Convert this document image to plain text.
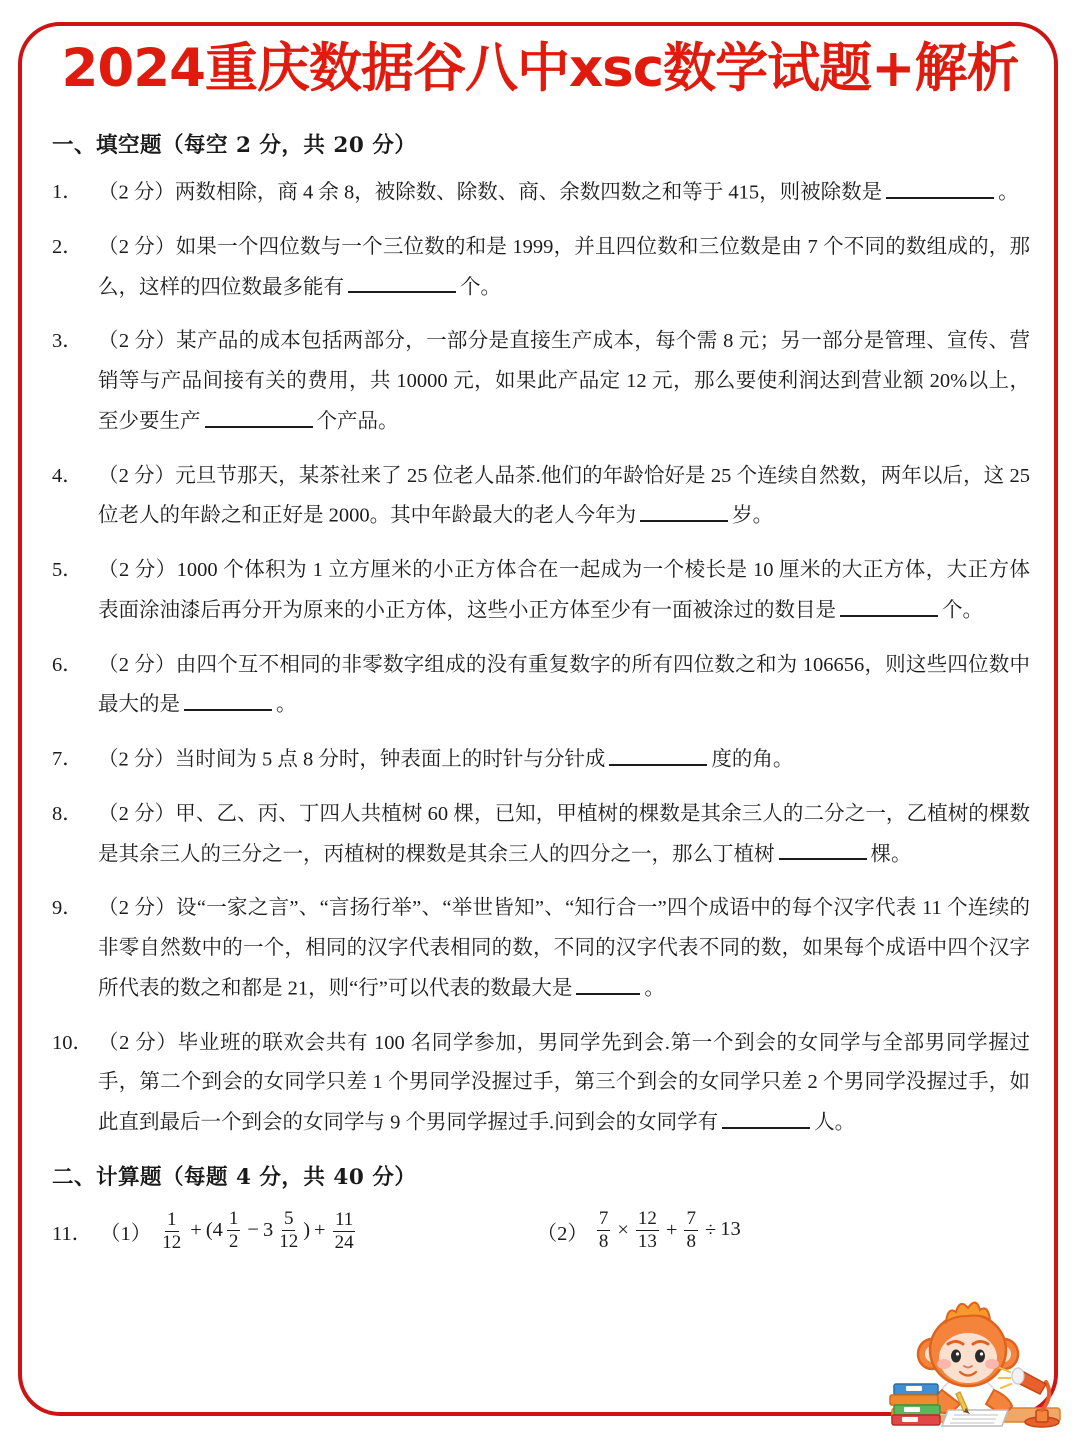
2024重庆数据谷八中xsc数学试题+解析
一、填空题（每空 2 分，共 20 分）
1． （2 分）两数相除，商 4 余 8，被除数、除数、商、余数四数之和等于 415，则被除数是	。
2． （2 分）如果一个四位数与一个三位数的和是 1999，并且四位数和三位数是由 7 个不同的数组成的，那么，这样的四位数最多能有	个。
3． （2 分）某产品的成本包括两部分，一部分是直接生产成本，每个需 8 元；另一部分是管理、宣传、营销等与产品间接有关的费用，共 10000 元，如果此产品定 12 元，那么要使利润达到营业额 20%以上，至少要生产	个产品。
4． （2 分）元旦节那天，某茶社来了 25 位老人品茶.他们的年龄恰好是 25 个连续自然数，两年以后，这 25 位老人的年龄之和正好是 2000。其中年龄最大的老人今年为	岁。
5． （2 分）1000 个体积为 1 立方厘米的小正方体合在一起成为一个棱长是 10 厘米的大正方体，大正方体表面涂油漆后再分开为原来的小正方体，这些小正方体至少有一面被涂过的数目是	个。
6． （2 分）由四个互不相同的非零数字组成的没有重复数字的所有四位数之和为 106656，则这些四位数中最大的是	。
7． （2 分）当时间为 5 点 8 分时，钟表面上的时针与分针成	度的角。
8． （2 分）甲、乙、丙、丁四人共植树 60 棵，已知，甲植树的棵数是其余三人的二分之一，乙植树的棵数是其余三人的三分之一，丙植树的棵数是其余三人的四分之一，那么丁植树	棵。
9． （2 分）设“一家之言”、“言扬行举”、“举世皆知”、“知行合一”四个成语中的每个汉字代表 11 个连续的非零自然数中的一个，相同的汉字代表相同的数，不同的汉字代表不同的数，如果每个成语中四个汉字所代表的数之和都是 21，则“行”可以代表的数最大是	。
10． （2 分）毕业班的联欢会共有 100 名同学参加，男同学先到会.第一个到会的女同学与全部男同学握过手，第二个到会的女同学只差 1 个男同学没握过手，第三个到会的女同学只差 2 个男同学没握过手，如此直到最后一个到会的女同学与 9 个男同学握过手.问到会的女同学有	人。
二、计算题（每题 4 分，共 40 分）
11． $(1) \frac{1}{12}$ + ( $4 \frac{1}{2} - 3 \frac{5}{12}$ ) + $\frac{11}{24}$	$(2) \frac{7}{8} \times \frac{12}{13} + \frac{7}{8} \div 13$
